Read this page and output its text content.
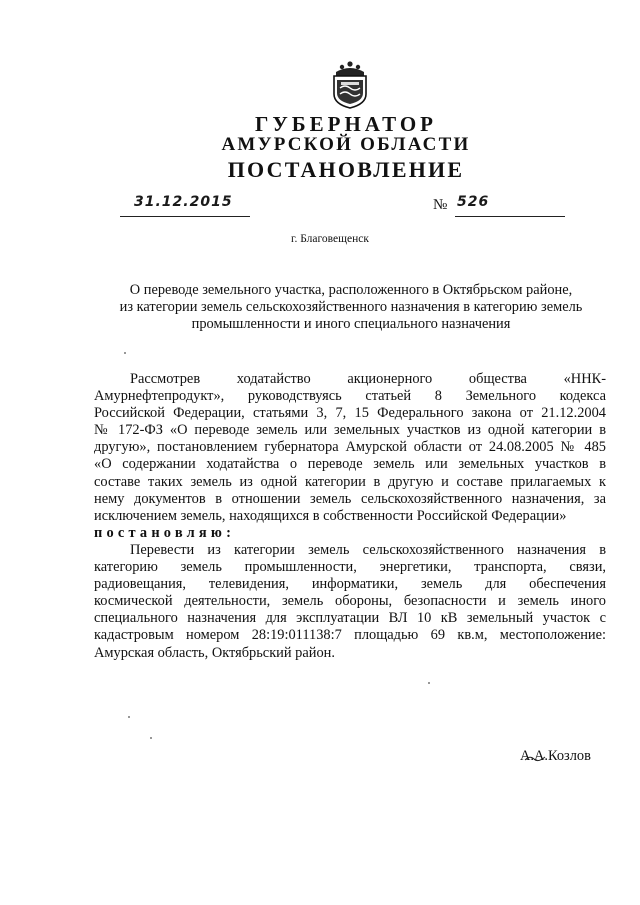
ГУБЕРНАТОР
АМУРСКОЙ ОБЛАСТИ
ПОСТАНОВЛЕНИЕ
31.12.2015	№ 526
г. Благовещенск
О переводе земельного участка, расположенного в Октябрьском районе,
из категории земель сельскохозяйственного назначения в категорию земель
промышленности и иного специального назначения
Рассмотрев ходатайство акционерного общества «ННК-
Амурнефтепродукт», руководствуясь статьей 8 Земельного кодекса
Российской Федерации, статьями 3, 7, 15 Федерального закона от 21.12.2004
№ 172-ФЗ «О переводе земель или земельных участков из одной категории в
другую», постановлением губернатора Амурской области от 24.08.2005 № 485
«О содержании ходатайства о переводе земель или земельных участков в
составе таких земель из одной категории в другую и составе прилагаемых к
нему документов в отношении земель сельскохозяйственного назначения, за
исключением земель, находящихся в собственности Российской Федерации»
постановляю:
Перевести из категории земель сельскохозяйственного назначения в
категорию земель промышленности, энергетики, транспорта, связи,
радиовещания, телевидения, информатики, земель для обеспечения
космической деятельности, земель обороны, безопасности и земель иного
специального назначения для эксплуатации ВЛ 10 кВ земельный участок с
кадастровым номером 28:19:011138:7 площадью 69 кв.м, местоположение:
Амурская область, Октябрьский район.
А.А.Козлов
